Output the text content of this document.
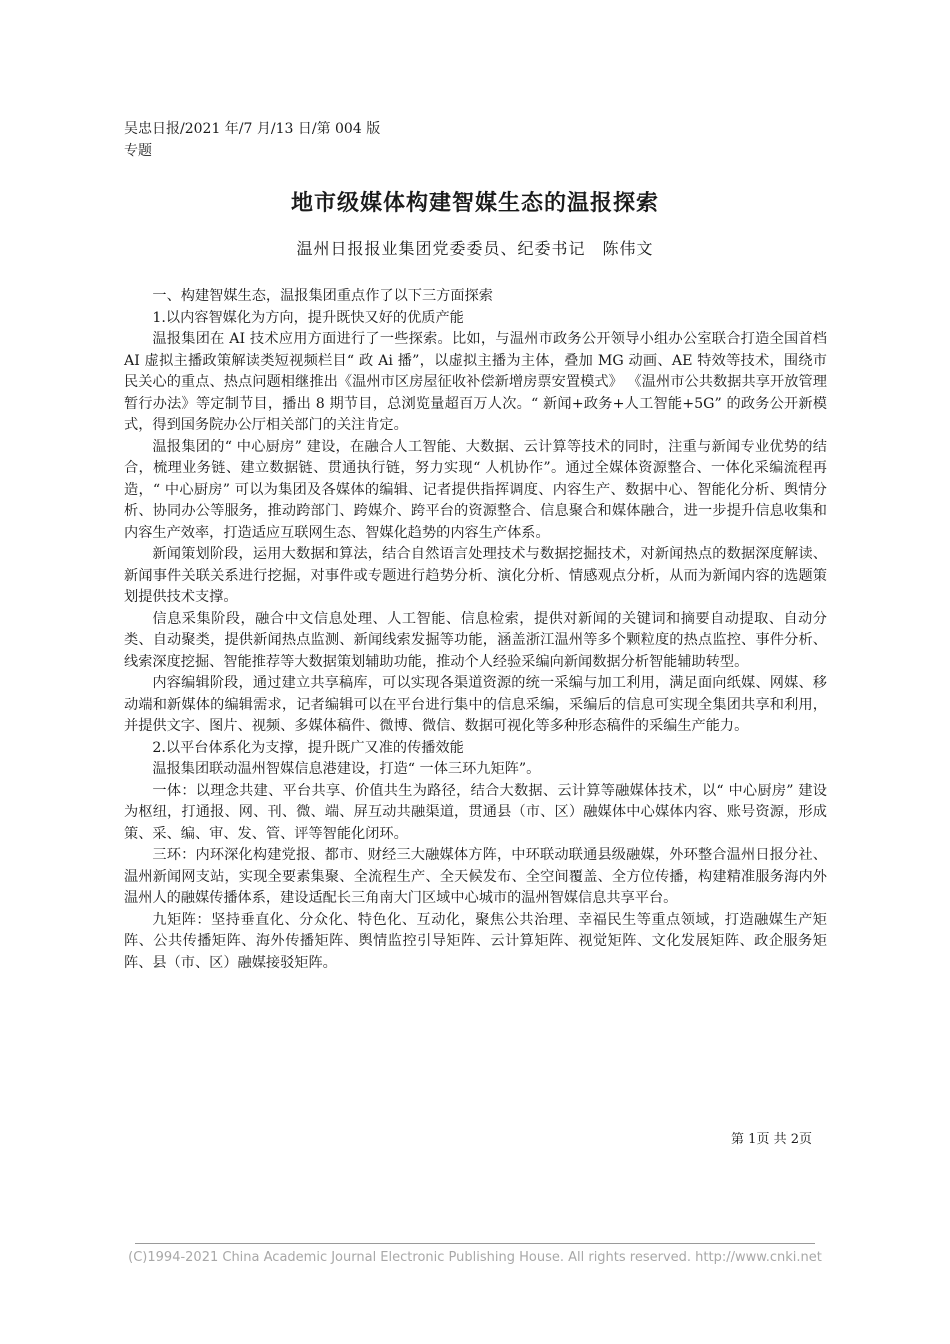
吴忠日报/2021 年/7 月/13 日/第 004 版专题
地市级媒体构建智媒生态的温报探索
温州日报报业集团党委委员、纪委书记　陈伟文

一、构建智媒生态，温报集团重点作了以下三方面探索

1.以内容智媒化为方向，提升既快又好的优质产能

温报集团在 AI 技术应用方面进行了一些探索。比如，与温州市政务公开领导小组办公室联合打造全国首档 AI 虚拟主播政策解读类短视频栏目“ 政 Ai 播”，以虚拟主播为主体，叠加 MG 动画、AE 特效等技术，围绕市民关心的重点、热点问题相继推出《温州市区房屋征收补偿新增房票安置模式》 《温州市公共数据共享开放管理暂行办法》等定制节目，播出 8 期节目，总浏览量超百万人次。“ 新闻+政务+人工智能+5G” 的政务公开新模式，得到国务院办公厅相关部门的关注肯定。

温报集团的“ 中心厨房” 建设，在融合人工智能、大数据、云计算等技术的同时，注重与新闻专业优势的结合，梳理业务链、建立数据链、贯通执行链，努力实现“ 人机协作”。通过全媒体资源整合、一体化采编流程再造，“ 中心厨房” 可以为集团及各媒体的编辑、记者提供指挥调度、内容生产、数据中心、智能化分析、舆情分析、协同办公等服务，推动跨部门、跨媒介、跨平台的资源整合、信息聚合和媒体融合，进一步提升信息收集和内容生产效率，打造适应互联网生态、智媒化趋势的内容生产体系。

新闻策划阶段，运用大数据和算法，结合自然语言处理技术与数据挖掘技术，对新闻热点的数据深度解读、新闻事件关联关系进行挖掘，对事件或专题进行趋势分析、演化分析、情感观点分析，从而为新闻内容的选题策划提供技术支撑。

信息采集阶段，融合中文信息处理、人工智能、信息检索，提供对新闻的关键词和摘要自动提取、自动分类、自动聚类，提供新闻热点监测、新闻线索发掘等功能，涵盖浙江温州等多个颗粒度的热点监控、事件分析、线索深度挖掘、智能推荐等大数据策划辅助功能，推动个人经验采编向新闻数据分析智能辅助转型。

内容编辑阶段，通过建立共享稿库，可以实现各渠道资源的统一采编与加工利用，满足面向纸媒、网媒、移动端和新媒体的编辑需求，记者编辑可以在平台进行集中的信息采编，采编后的信息可实现全集团共享和利用，并提供文字、图片、视频、多媒体稿件、微博、微信、数据可视化等多种形态稿件的采编生产能力。

2.以平台体系化为支撑，提升既广又准的传播效能

温报集团联动温州智媒信息港建设，打造“ 一体三环九矩阵”。

一体：以理念共建、平台共享、价值共生为路径，结合大数据、云计算等融媒体技术，以“ 中心厨房” 建设为枢纽，打通报、网、刊、微、端、屏互动共融渠道，贯通县（市、区）融媒体中心媒体内容、账号资源，形成策、采、编、审、发、管、评等智能化闭环。

三环：内环深化构建党报、都市、财经三大融媒体方阵，中环联动联通县级融媒，外环整合温州日报分社、温州新闻网支站，实现全要素集聚、全流程生产、全天候发布、全空间覆盖、全方位传播，构建精准服务海内外温州人的融媒传播体系，建设适配长三角南大门区域中心城市的温州智媒信息共享平台。

九矩阵：坚持垂直化、分众化、特色化、互动化，聚焦公共治理、幸福民生等重点领域，打造融媒生产矩阵、公共传播矩阵、海外传播矩阵、舆情监控引导矩阵、云计算矩阵、视觉矩阵、文化发展矩阵、政企服务矩阵、县（市、区）融媒接驳矩阵。

第 1页 共 2页
(C)1994-2021 China Academic Journal Electronic Publishing House. All rights reserved. http://www.cnki.net
